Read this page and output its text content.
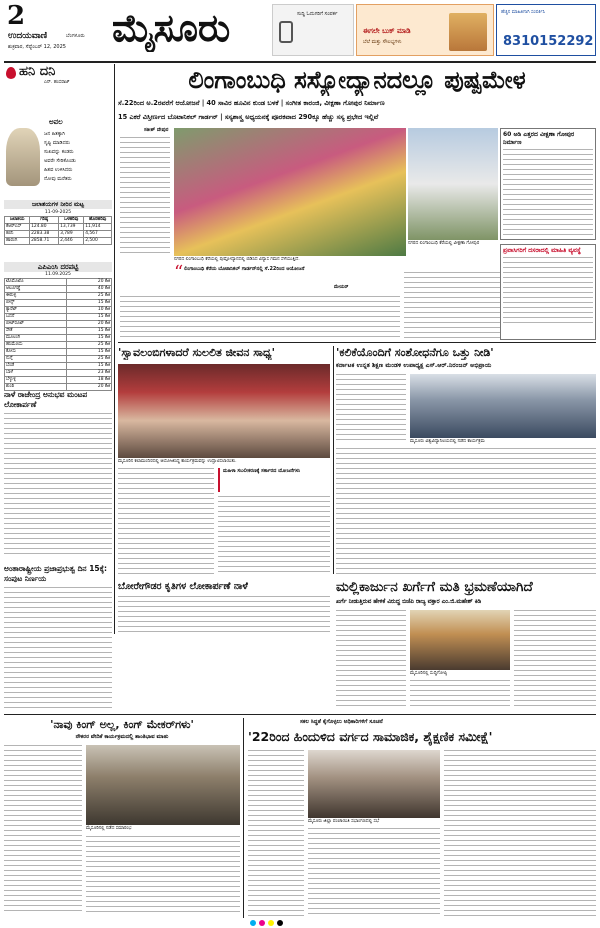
2
ಉದಯವಾಣಿ	ಬೆಂಗಳೂರು
ಶುಕ್ರವಾರ, ಸೆಪ್ಟೆಂಬರ್ 12, 2025 ಮೈಸೂರು	ಸುದ್ದಿ ಓದುಗರಿಗೆ ಸಂಪರ್ಕ
ಈಗಲೇ ಬುಕ್ ಮಾಡಿ
ಬೆಲೆ ಮತ್ತು ಸೌಲಭ್ಯಗಳು
ಹೆಚ್ಚಿನ ಮಾಹಿತಿಗಾಗಿ ಸಂಪರ್ಕಿಸಿ
8310152292
ಹನಿ ದನಿ
ಎನ್. ಹಂಸರಾಜ್
ಅವಲ
ಜನ ಹಿತಕ್ಕಾಗಿ
ಸೃಷ್ಟಿ ಮಾಡಿದರು
ಸುಖವನ್ನು ಕಂಡರು
ಅವರೇ ಸೇರಿಕೊಂಡು
ಹಿತವ ಉಳಿಸಿದರು
ನೋವು ಮರೆತರು
ಜಲಾಶಯಗಳ ನೀರಿನ ಮಟ್ಟ
11-09-2025
ಜಲಾಶಯ	ಗರಿಷ್ಠ	ಒಳಹರಿವು	ಹೊರಹರಿವು
ಕೆಆರ್‌ಎಸ್	124.80	13,739	11,914
ಕಬಿನಿ	2283.38	3,789	4,567
ಹಾರಂಗಿ	2858.71	2,446	2,500
ಎಪಿಎಂಸಿ ದರಪಟ್ಟಿ
11.09.2025
ಟೊಮೊಟೊ	20 ಕೆಜಿ
ಆಲೂಗಡ್ಡೆ	40 ಕೆಜಿ
ಈರುಳ್ಳಿ	25 ಕೆಜಿ
ಬೀನ್ಸ್	15 ಕೆಜಿ
ಕ್ಯಾರೆಟ್	10 ಕೆಜಿ
ಬದನೆ	15 ಕೆಜಿ
ಬೀಟ್‌ರೂಟ್	20 ಕೆಜಿ
ಸೌತೆ	15 ಕೆಜಿ
ಮೂಲಂಗಿ	15 ಕೆಜಿ
ಹಸಿಮೆಣಸು	25 ಕೆಜಿ
ಕೋಸು	15 ಕೆಜಿ
ನುಗ್ಗೆ	25 ಕೆಜಿ
ಬೆಂಡೆ	15 ಕೆಜಿ
ಬಾಳೆ	23 ಕೆಜಿ
ಬೆಳ್ಳುಳ್ಳಿ	18 ಕೆಜಿ
ಶುಂಠಿ	20 ಕೆಜಿ
ನಾಳೆ ರಾಜೇಂದ್ರ ಅನುಭವ ಮಂಟಪ ಲೋಕಾರ್ಪಣೆ
ಅಂತಾರಾಷ್ಟ್ರೀಯ ಪ್ರಜಾಪ್ರಭುತ್ವ ದಿನ 15ಕ್ಕೆ: ಸಂಪುಟ ನಿರ್ಣಯ
ಲಿಂಗಾಂಬುಧಿ ಸಸ್ಯೋದ್ಯಾನದಲ್ಲೂ ಪುಷ್ಪಮೇಳ
ಸೆ.22ರಿಂದ ಅ.2ರವರೆಗೆ ಆಯೋಜನೆ | 40 ಸಾವಿರ ಹೂವಿನ ಕುಂಡ ಬಳಕೆ | ಸಂಗೀತ ಕಾರಂಜಿ, ವೀಕ್ಷಣಾ ಗೋಪುರ ನಿರ್ಮಾಣ
15 ಎಕರೆ ವಿಸ್ತೀರ್ಣದ ಬೊಟಾನಿಕಲ್ ಗಾರ್ಡನ್ | ಸಸ್ಯಶಾಸ್ತ್ರ ಅಧ್ಯಯನಕ್ಕೆ ಪೂರಕವಾದ 290ಕ್ಕೂ ಹೆಚ್ಚು ಸಸ್ಯ ಪ್ರಭೇದ ಇಲ್ಲಿವೆ
ಸತೀಶ್ ದೇಪುರ
ನಗರದ ಲಿಂಗಾಂಬುಧಿ ಕೆರೆಯಲ್ಲಿ ಪುಷ್ಪೋದ್ಯಾನದಲ್ಲಿ ಬಿಡಿಸಿದ ವಿನ್ಯಾಸ ಗಮನ ಸೆಳೆಯುತ್ತಿದೆ.
ನಗರದ ಲಿಂಗಾಂಬುಧಿ ಕೆರೆಯಲ್ಲಿ ವೀಕ್ಷಣಾ ಗೋಪುರ
60 ಅಡಿ ಎತ್ತರದ ವೀಕ್ಷಣಾ ಗೋಪುರ ನಿರ್ಮಾಣ
“ ಲಿಂಗಾಂಬುಧಿ ಕೆರೆಯ ಬೊಟಾನಿಕಲ್ ಗಾರ್ಡನ್‌ನಲ್ಲಿ ಸೆ.22ರಿಂದ ಆಯೋಜನೆ
ಮೇಯರ್
ಪ್ರವಾಸಿಗರಿಗೆ ದಸರಾದಲ್ಲಿ ಮಾಹಿತಿ ವ್ಯವಸ್ಥೆ
'ಸ್ವಾವಲಂಬಿಗಳಾದರೆ ಸುಲಲಿತ ಜೀವನ ಸಾಧ್ಯ'
ಮೈಸೂರಿನ ಕಲಾಮಂದಿರದಲ್ಲಿ ಆಯೋಜಿಸಿದ್ದ ಕಾರ್ಯಕ್ರಮವನ್ನು ಉದ್ಘಾಟಿಸಲಾಯಿತು.
ಮಹಿಳಾ ಸಬಲೀಕರಣಕ್ಕೆ ಸರ್ಕಾರದ ಯೋಜನೆಗಳು
'ಕಲಿಕೆಯೊಂದಿಗೆ ಸಂಶೋಧನೆಗೂ ಒತ್ತು ನೀಡಿ'
ಕರ್ನಾಟಕ ಉನ್ನತ ಶಿಕ್ಷಣ ಮಂಡಳಿ ಉಪಾಧ್ಯಕ್ಷ ಎಸ್.ಆರ್.ನಿರಂಜನ್ ಅಭಿಪ್ರಾಯ
ಮೈಸೂರು ವಿಶ್ವವಿದ್ಯಾನಿಲಯದಲ್ಲಿ ನಡೆದ ಕಾರ್ಯಕ್ರಮ
ಬೋರೇಗೌಡರ ಕೃತಿಗಳ ಲೋಕಾರ್ಪಣೆ ನಾಳೆ	ಮಲ್ಲಿಕಾರ್ಜುನ ಖರ್ಗೆಗೆ ಮತಿ ಭ್ರಮಣೆಯಾಗಿದೆ
ಖರ್ಗೆ ನೀಡುತ್ತಿರುವ ಹೇಳಿಕೆ ವಿರುದ್ಧ ಬಿಜೆಪಿ ರಾಜ್ಯ ವಕ್ತಾರ ಎಂ.ಜಿ.ಮಹೇಶ್ ಕಿಡಿ
ಮೈಸೂರಿನಲ್ಲಿ ಸುದ್ದಿಗೋಷ್ಠಿ
'ನಾವು ಕಿಂಗ್ ಅಲ್ಲ, ಕಿಂಗ್ ಮೇಕರ್‌ಗಳು'
ನೌಕರರ ವೇದಿಕೆ ಕಾರ್ಯಕ್ರಮದಲ್ಲಿ ಶಾಂತಿಭಾವ ಮಾತು
ಮೈಸೂರಿನಲ್ಲಿ ನಡೆದ ಸಮಾರಂಭ
ಸಕಲ ಸಿದ್ಧತೆ ಕೈಗೊಳ್ಳಲು ಅಧಿಕಾರಿಗಳಿಗೆ ಸೂಚನೆ
'22ರಿಂದ ಹಿಂದುಳಿದ ವರ್ಗದ ಸಾಮಾಜಿಕ, ಶೈಕ್ಷಣಿಕ ಸಮೀಕ್ಷೆ'
ಮೈಸೂರು ಜಿಲ್ಲಾ ಪಂಚಾಯಿತಿ ಸಭಾಂಗಣದಲ್ಲಿ ಸಭೆ
